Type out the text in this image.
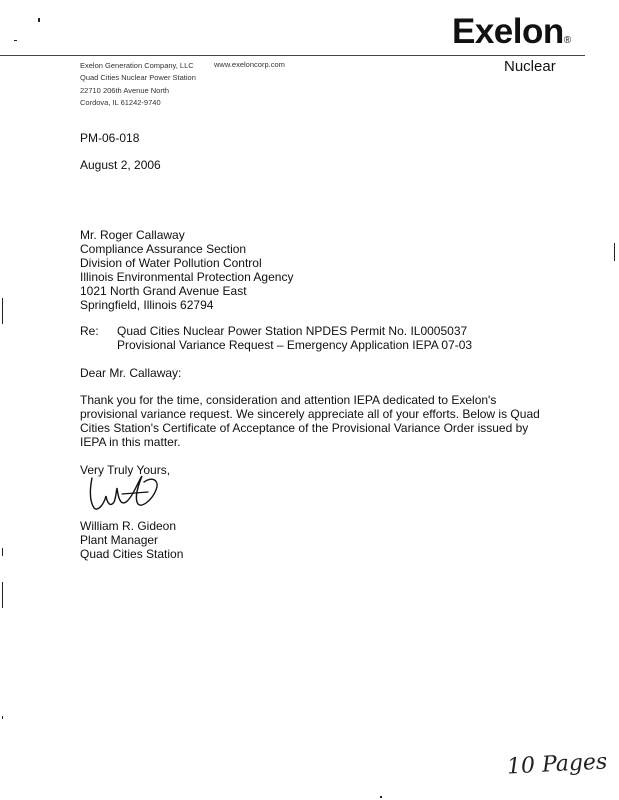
Exelon®
Nuclear
Exelon Generation Company, LLC
Quad Cities Nuclear Power Station
22710 206th Avenue North
Cordova, IL 61242-9740
www.exeloncorp.com
PM-06-018
August 2, 2006
Mr. Roger Callaway
Compliance Assurance Section
Division of Water Pollution Control
Illinois Environmental Protection Agency
1021 North Grand Avenue East
Springfield, Illinois 62794
Re: Quad Cities Nuclear Power Station NPDES Permit No. IL0005037
Provisional Variance Request – Emergency Application IEPA 07-03
Dear Mr. Callaway:
Thank you for the time, consideration and attention IEPA dedicated to Exelon's
provisional variance request. We sincerely appreciate all of your efforts. Below is Quad
Cities Station's Certificate of Acceptance of the Provisional Variance Order issued by
IEPA in this matter.
Very Truly Yours,
William R. Gideon
Plant Manager
Quad Cities Station
10 Pages
